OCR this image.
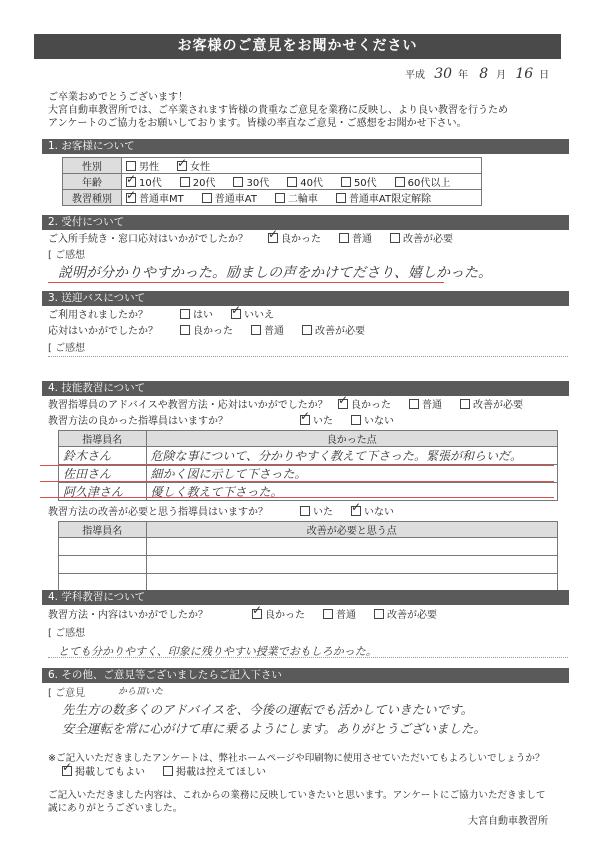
お客様のご意見をお聞かせください
平成 30 年 8 月 16 日
ご卒業おめでとうございます！
大宮自動車教習所では、ご卒業されます皆様の貴重なご意見を業務に反映し、より良い教習を行うため
アンケートのご協力をお願いしております。皆様の率直なご意見・ご感想をお聞かせ下さい。
1. お客様について
性別	男性 ✓ 女性
年齢	✓10代 20代 30代 40代 50代 60代以上
教習種別	✓普通車MT 普通車AT 二輪車 普通車AT限定解除
2. 受付について
ご入所手続き・窓口応対はいかがでしたか？ ✓	良かった	普通	改善が必要
[ ご感想
説明が分かりやすかった。励ましの声をかけてださり、嬉しかった。
3. 送迎バスについて
ご利用されましたか？	はい ✓	いいえ
応対はいかがでしたか？	良かった	普通	改善が必要
[ ご感想
4. 技能教習について
教習指導員のアドバイスや教習方法・応対はいかがでしたか？ ✓	良かった	普通	改善が必要
教習方法の良かった指導員はいますか？ ✓	いた	いない
指導員名	良かった点
鈴木さん	危険な事について、分かりやすく教えて下さった。緊張が和らいだ。
佐田さん	細かく図に示して下さった。
阿久津さん	優しく教えて下さった。
教習方法の改善が必要と思う指導員はいますか？	いた ✓	いない
指導員名	改善が必要と思う点

4. 学科教習について
教習方法・内容はいかがでしたか？ ✓	良かった	普通	改善が必要
[ ご感想
とても分かりやすく、印象に残りやすい授業でおもしろかった。
6. その他、ご意見等ございましたらご記入下さい
[ ご意見	から頂いた
先生方の数多くのアドバイスを、今後の運転でも活かしていきたいです。
安全運転を常に心がけて車に乗るようにします。ありがとうございました。
※ご記入いただきましたアンケートは、弊社ホームページや印刷物に使用させていただいてもよろしいでしょうか？
✓掲載してもよい	掲載は控えてほしい
ご記入いただきました内容は、これからの業務に反映していきたいと思います。アンケートにご協力いただきまして
誠にありがとうございました。
大宮自動車教習所
